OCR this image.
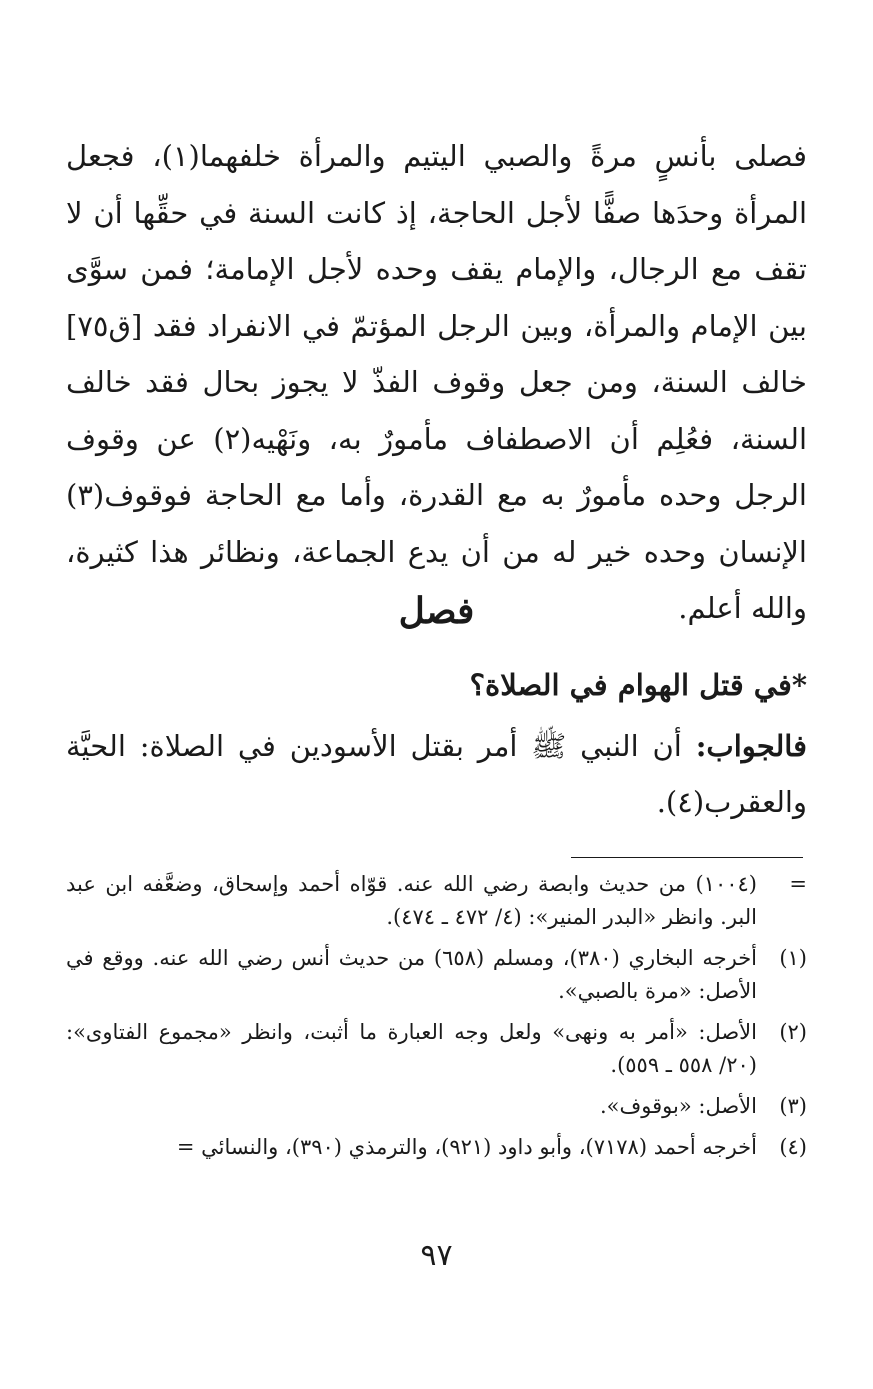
فصلى بأنسٍ مرةً والصبي اليتيم والمرأة خلفهما(١)، فجعل المرأة وحدَها صفًّا لأجل الحاجة، إذ كانت السنة في حقِّها أن لا تقف مع الرجال، والإمام يقف وحده لأجل الإمامة؛ فمن سوَّى بين الإمام والمرأة، وبين الرجل المؤتمّ في الانفراد فقد [ق٧٥] خالف السنة، ومن جعل وقوف الفذّ لا يجوز بحال فقد خالف السنة، فعُلِم أن الاصطفاف مأمورٌ به، ونَهْيه(٢) عن وقوف الرجل وحده مأمورٌ به مع القدرة، وأما مع الحاجة فوقوف(٣) الإنسان وحده خير له من أن يدع الجماعة، ونظائر هذا كثيرة، والله أعلم.

فصل
*في قتل الهوام في الصلاة؟
فالجواب: أن النبي ﷺ أمر بقتل الأسودين في الصلاة: الحيَّة والعقرب(٤).
=
(١٠٠٤) من حديث وابصة رضي الله عنه. قوّاه أحمد وإسحاق، وضعَّفه ابن عبد البر. وانظر «البدر المنير»: (٤/ ٤٧٢ ـ ٤٧٤).
(١)
أخرجه البخاري (٣٨٠)، ومسلم (٦٥٨) من حديث أنس رضي الله عنه. ووقع في الأصل: «مرة بالصبي».
(٢)
الأصل: «أمر به ونهى» ولعل وجه العبارة ما أثبت، وانظر «مجموع الفتاوى»: (٢٠/ ٥٥٨ ـ ٥٥٩).
(٣)
الأصل: «بوقوف».
(٤)
أخرجه أحمد (٧١٧٨)، وأبو داود (٩٢١)، والترمذي (٣٩٠)، والنسائي =
٩٧
